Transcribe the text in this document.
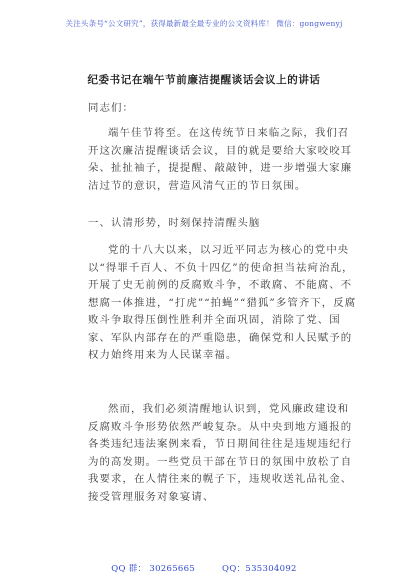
关注头条号“公文研究”，获得最新最全最专业的公文资料库！ 微信：gongwenyj
纪委书记在端午节前廉洁提醒谈话会议上的讲话
同志们：
端午佳节将至。在这传统节日来临之际，我们召开这次廉洁提醒谈话会议，目的就是要给大家咬咬耳朵、扯扯袖子，提提醒、敲敲钟，进一步增强大家廉洁过节的意识，营造风清气正的节日氛围。
一、认清形势，时刻保持清醒头脑
党的十八大以来，以习近平同志为核心的党中央以“得罪千百人、不负十四亿”的使命担当祛疴治乱，开展了史无前例的反腐败斗争，不敢腐、不能腐、不想腐一体推进，“打虎”“拍蝇”“猎狐”多管齐下，反腐败斗争取得压倒性胜利并全面巩固，消除了党、国家、军队内部存在的严重隐患，确保党和人民赋予的权力始终用来为人民谋幸福。
然而，我们必须清醒地认识到，党风廉政建设和反腐败斗争形势依然严峻复杂。从中央到地方通报的各类违纪违法案例来看，节日期间往往是违规违纪行为的高发期。一些党员干部在节日的氛围中放松了自我要求，在人情往来的幌子下，违规收送礼品礼金、接受管理服务对象宴请、
QQ 群： 30265665	QQ：535304092
